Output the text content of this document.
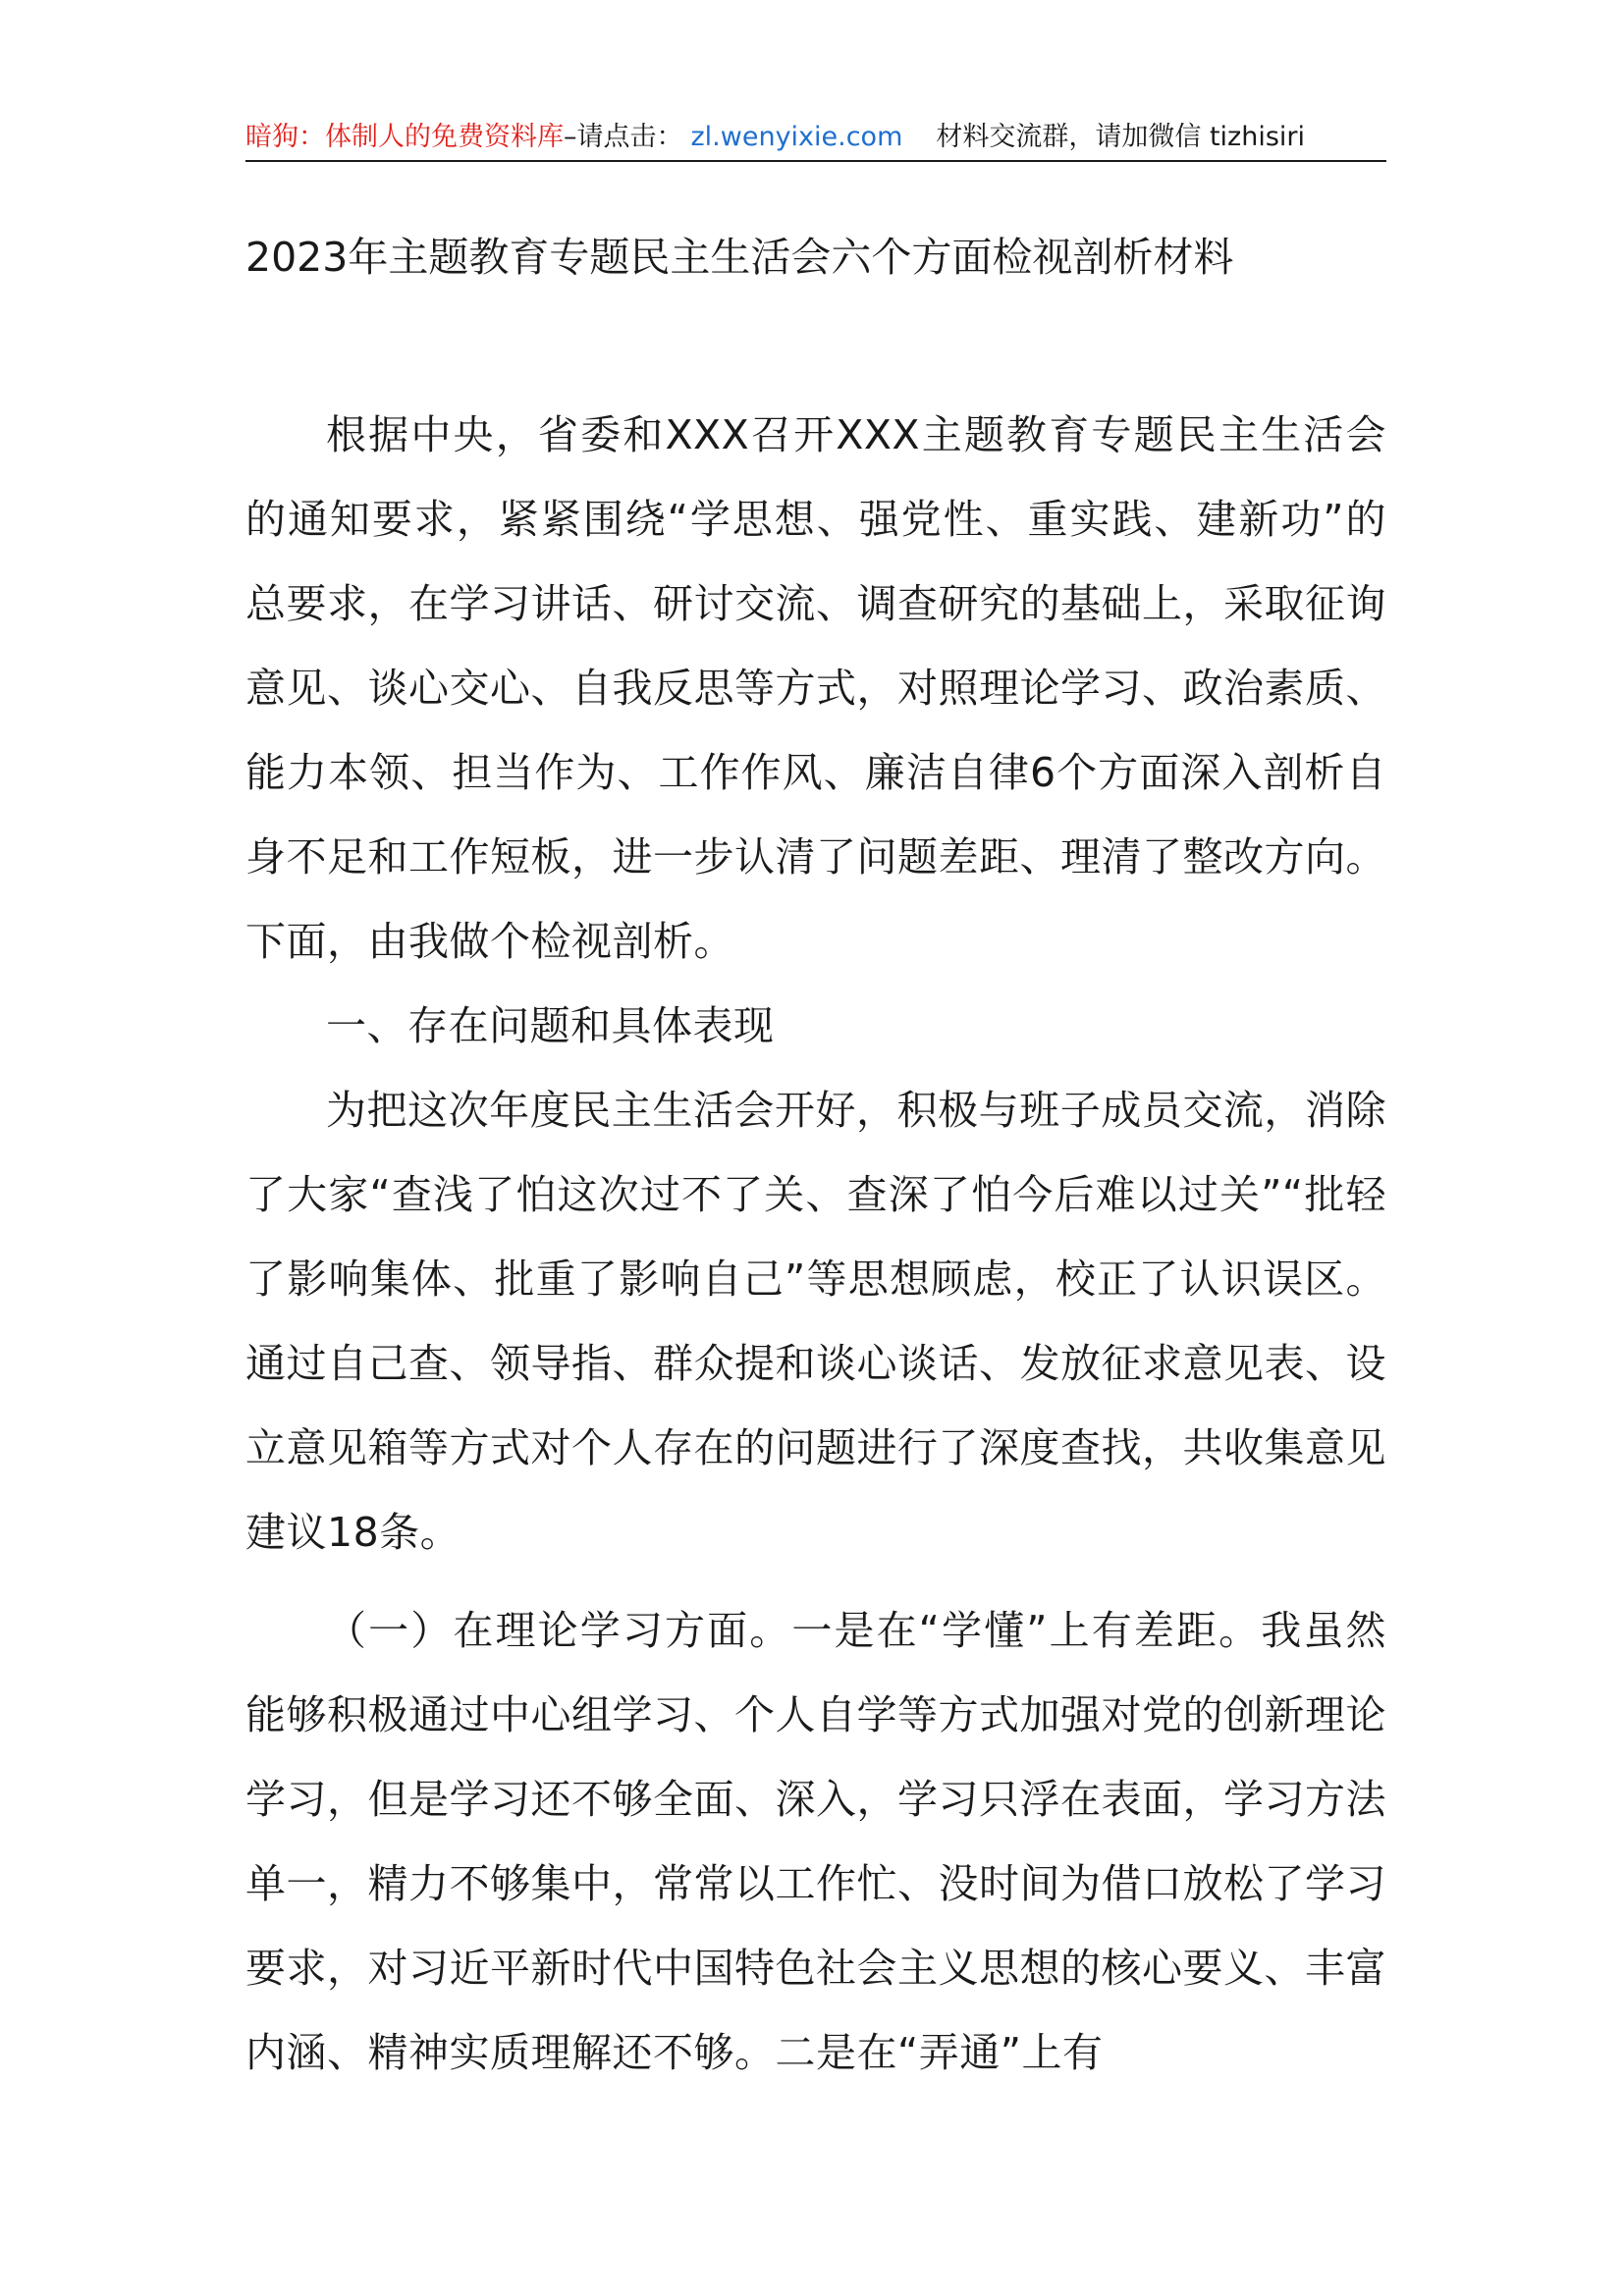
暗狗：体制人的免费资料库–请点击： zl.wenyixie.com 材料交流群，请加微信 tizhisiri
2023年主题教育专题民主生活会六个方面检视剖析材料

根据中央，省委和XXX召开XXX主题教育专题民主生活会的通知要求，紧紧围绕“学思想、强党性、重实践、建新功”的总要求，在学习讲话、研讨交流、调查研究的基础上，采取征询意见、谈心交心、自我反思等方式，对照理论学习、政治素质、能力本领、担当作为、工作作风、廉洁自律6个方面深入剖析自身不足和工作短板，进一步认清了问题差距、理清了整改方向。下面，由我做个检视剖析。

一、存在问题和具体表现

为把这次年度民主生活会开好，积极与班子成员交流，消除了大家“查浅了怕这次过不了关、查深了怕今后难以过关”“批轻了影响集体、批重了影响自己”等思想顾虑，校正了认识误区。通过自己查、领导指、群众提和谈心谈话、发放征求意见表、设立意见箱等方式对个人存在的问题进行了深度查找，共收集意见建议18条。

（一）在理论学习方面。一是在“学懂”上有差距。我虽然能够积极通过中心组学习、个人自学等方式加强对党的创新理论学习，但是学习还不够全面、深入，学习只浮在表面，学习方法单一，精力不够集中，常常以工作忙、没时间为借口放松了学习要求，对习近平新时代中国特色社会主义思想的核心要义、丰富内涵、精神实质理解还不够。二是在“弄通”上有
